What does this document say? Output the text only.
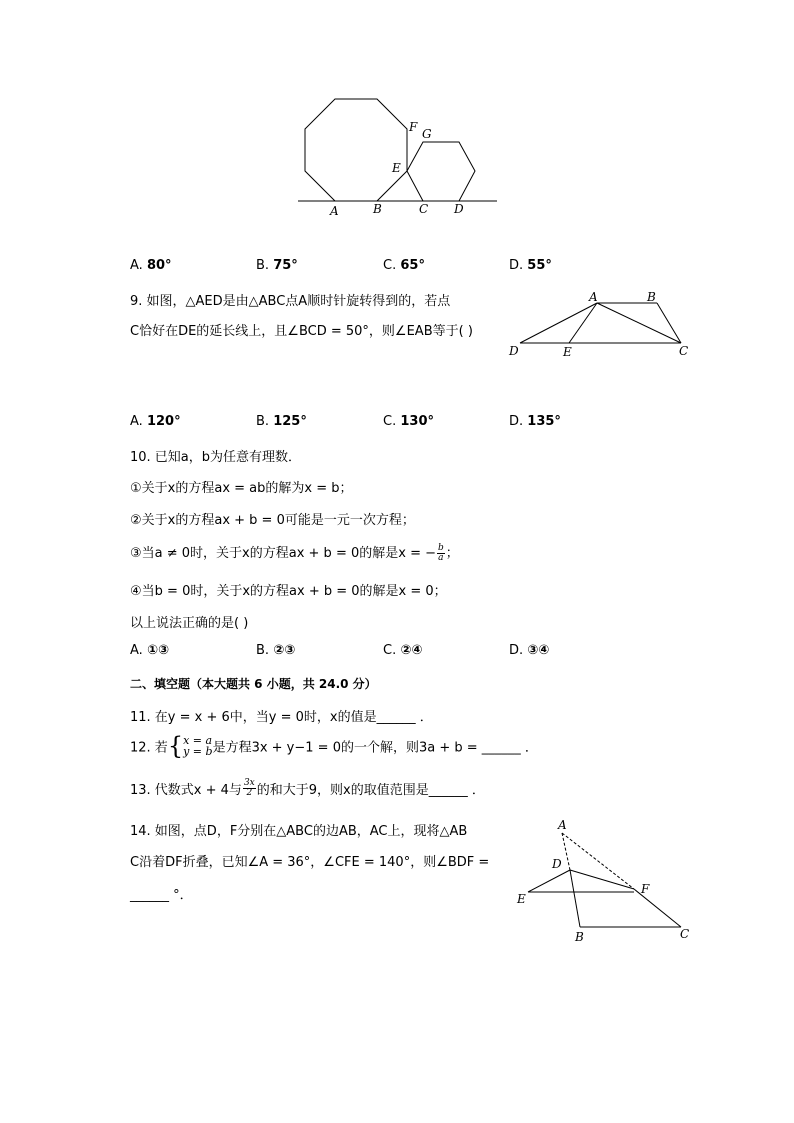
F G
E
A	B	C D
A. 80°	B. 75°	C. 65°	D. 55°
9. 如图，△AED是由△ABC点A顺时针旋转得到的，若点
C恰好在DE的延长线上，且∠BCD = 50°，则∠EAB等于( )
A	B
D	E	C
A. 120°	B. 125°	C. 130°	D. 135°
10. 已知a，b为任意有理数．
①关于x的方程ax = ab的解为x = b；
②关于x的方程ax + b = 0可能是一元一次方程；
③当a ≠ 0时，关于x的方程ax + b = 0的解是x = − $\frac{b}{a}$ ；
④当b = 0时，关于x的方程ax + b = 0的解是x = 0；
以上说法正确的是( )
A. ①③	B. ②③	C. ②④	D. ③④
二、填空题（本大题共 6 小题，共 24.0 分）
11. 在y = x + 6中，当y = 0时，x的值是______ ．
12. 若{ x = a
y = b 是方程3x + y−1 = 0的一个解，则3a + b = ______ ．
13. 代数式x + 4与 $\frac{3x}{2}$ 的和大于9，则x的取值范围是______ ．
14. 如图，点D，F分别在△ABC的边AB，AC上，现将△AB
C沿着DF折叠，已知∠A = 36°，∠CFE = 140°，则∠BDF =
______ °．
A
D
F
E
B	C
